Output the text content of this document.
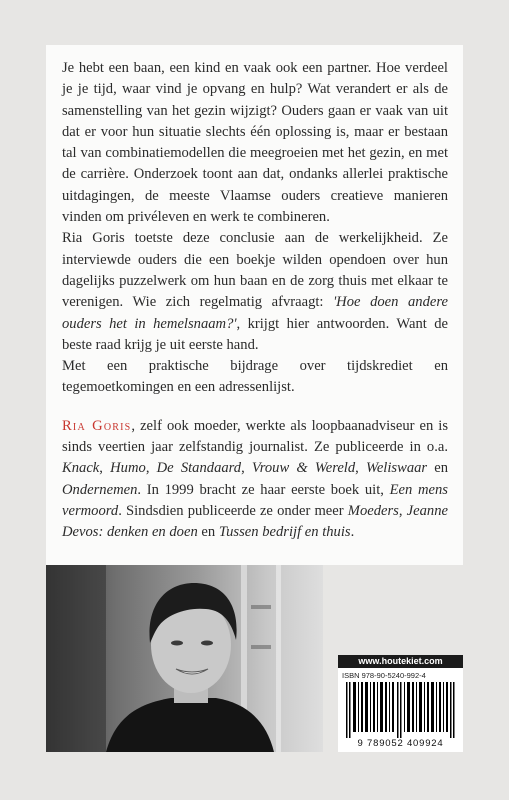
Je hebt een baan, een kind en vaak ook een partner. Hoe verdeel je je tijd, waar vind je opvang en hulp? Wat verandert er als de samenstelling van het gezin wijzigt? Ouders gaan er vaak van uit dat er voor hun situatie slechts één oplossing is, maar er bestaan tal van combinatiemodellen die meegroeien met het gezin, en met de carrière. Onderzoek toont aan dat, ondanks allerlei praktische uitdagingen, de meeste Vlaamse ouders creatieve manieren vinden om privéleven en werk te combineren.

Ria Goris toetste deze conclusie aan de werkelijkheid. Ze interviewde ouders die een boekje wilden opendoen over hun dagelijks puzzelwerk om hun baan en de zorg thuis met elkaar te verenigen. Wie zich regelmatig afvraagt: 'Hoe doen andere ouders het in hemelsnaam?', krijgt hier antwoorden. Want de beste raad krijg je uit eerste hand.

Met een praktische bijdrage over tijdskrediet en tegemoetkomingen en een adressenlijst.

Ria Goris, zelf ook moeder, werkte als loopbaanadviseur en is sinds veertien jaar zelfstandig journalist. Ze publiceerde in o.a. Knack, Humo, De Standaard, Vrouw & Wereld, Weliswaar en Ondernemen. In 1999 bracht ze haar eerste boek uit, Een mens vermoord. Sindsdien publiceerde ze onder meer Moeders, Jeanne Devos: denken en doen en Tussen bedrijf en thuis.

www.houtekiet.com
ISBN 978-90-5240-992-4
9 789052 409924
